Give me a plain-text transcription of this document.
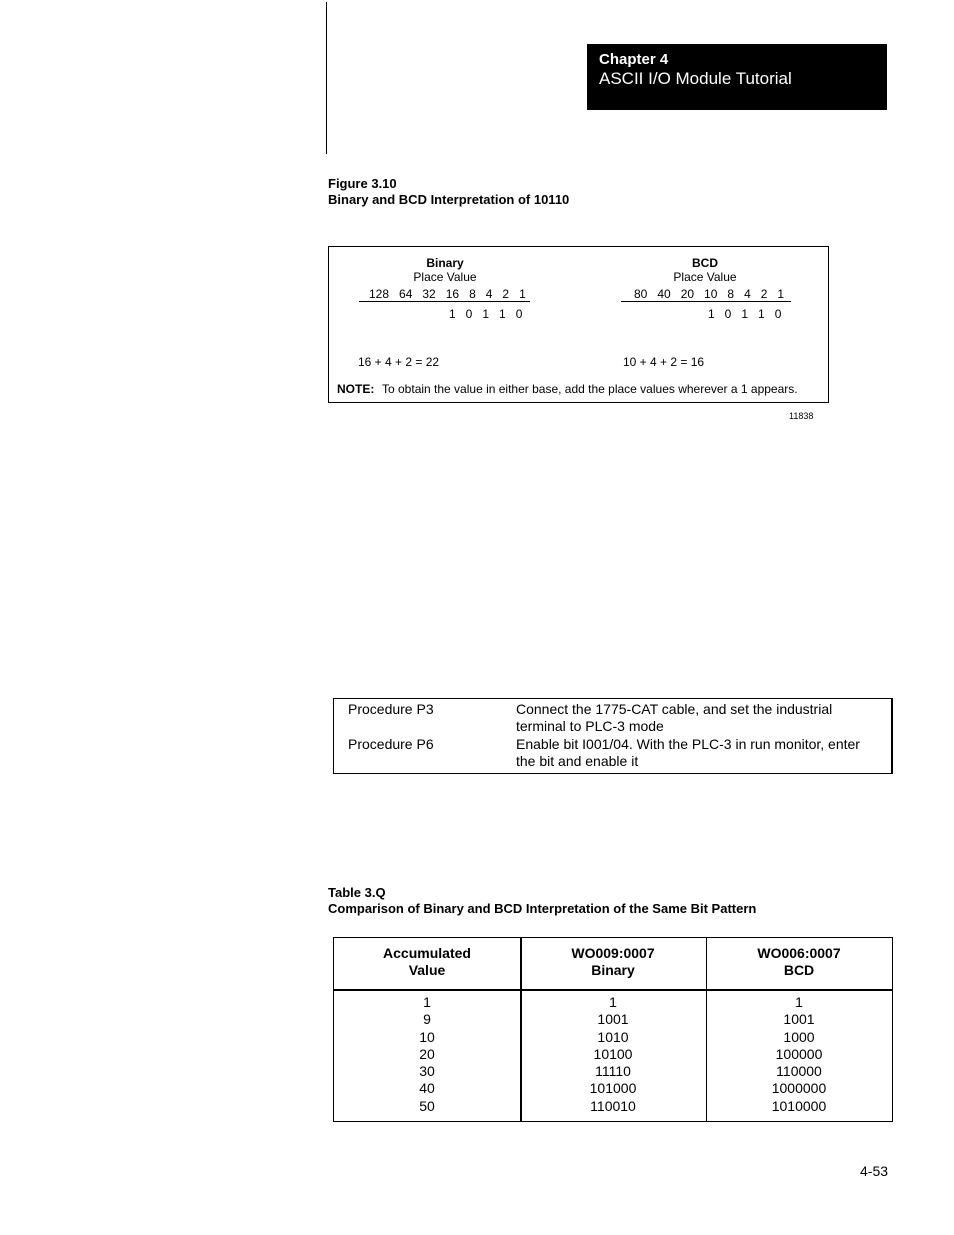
Chapter 4
ASCII I/O Module Tutorial
Figure 3.10
Binary and BCD Interpretation of 10110
Binary
Place Value
128   64   32   16   8   4   2   1
1   0   1   1   0
16 + 4 + 2 = 22
BCD
Place Value
80   40   20   10   8   4   2   1
1   0   1   1   0
10 + 4 + 2 = 16
NOTE: To obtain the value in either base, add the place values wherever a 1 appears.
11838
Procedure P3	Connect the 1775-CAT cable, and set the industrial terminal to PLC-3 mode
Procedure P6	Enable bit I001/04. With the PLC-3 in run monitor, enter the bit and enable it
Table 3.Q
Comparison of Binary and BCD Interpretation of the Same Bit Pattern
Accumulated
Value
WO009:0007
Binary
WO006:0007
BCD
1
9
10
20
30
40
50
1
1001
1010
10100
11110
101000
110010
1
1001
1000
100000
110000
1000000
1010000
4-53
